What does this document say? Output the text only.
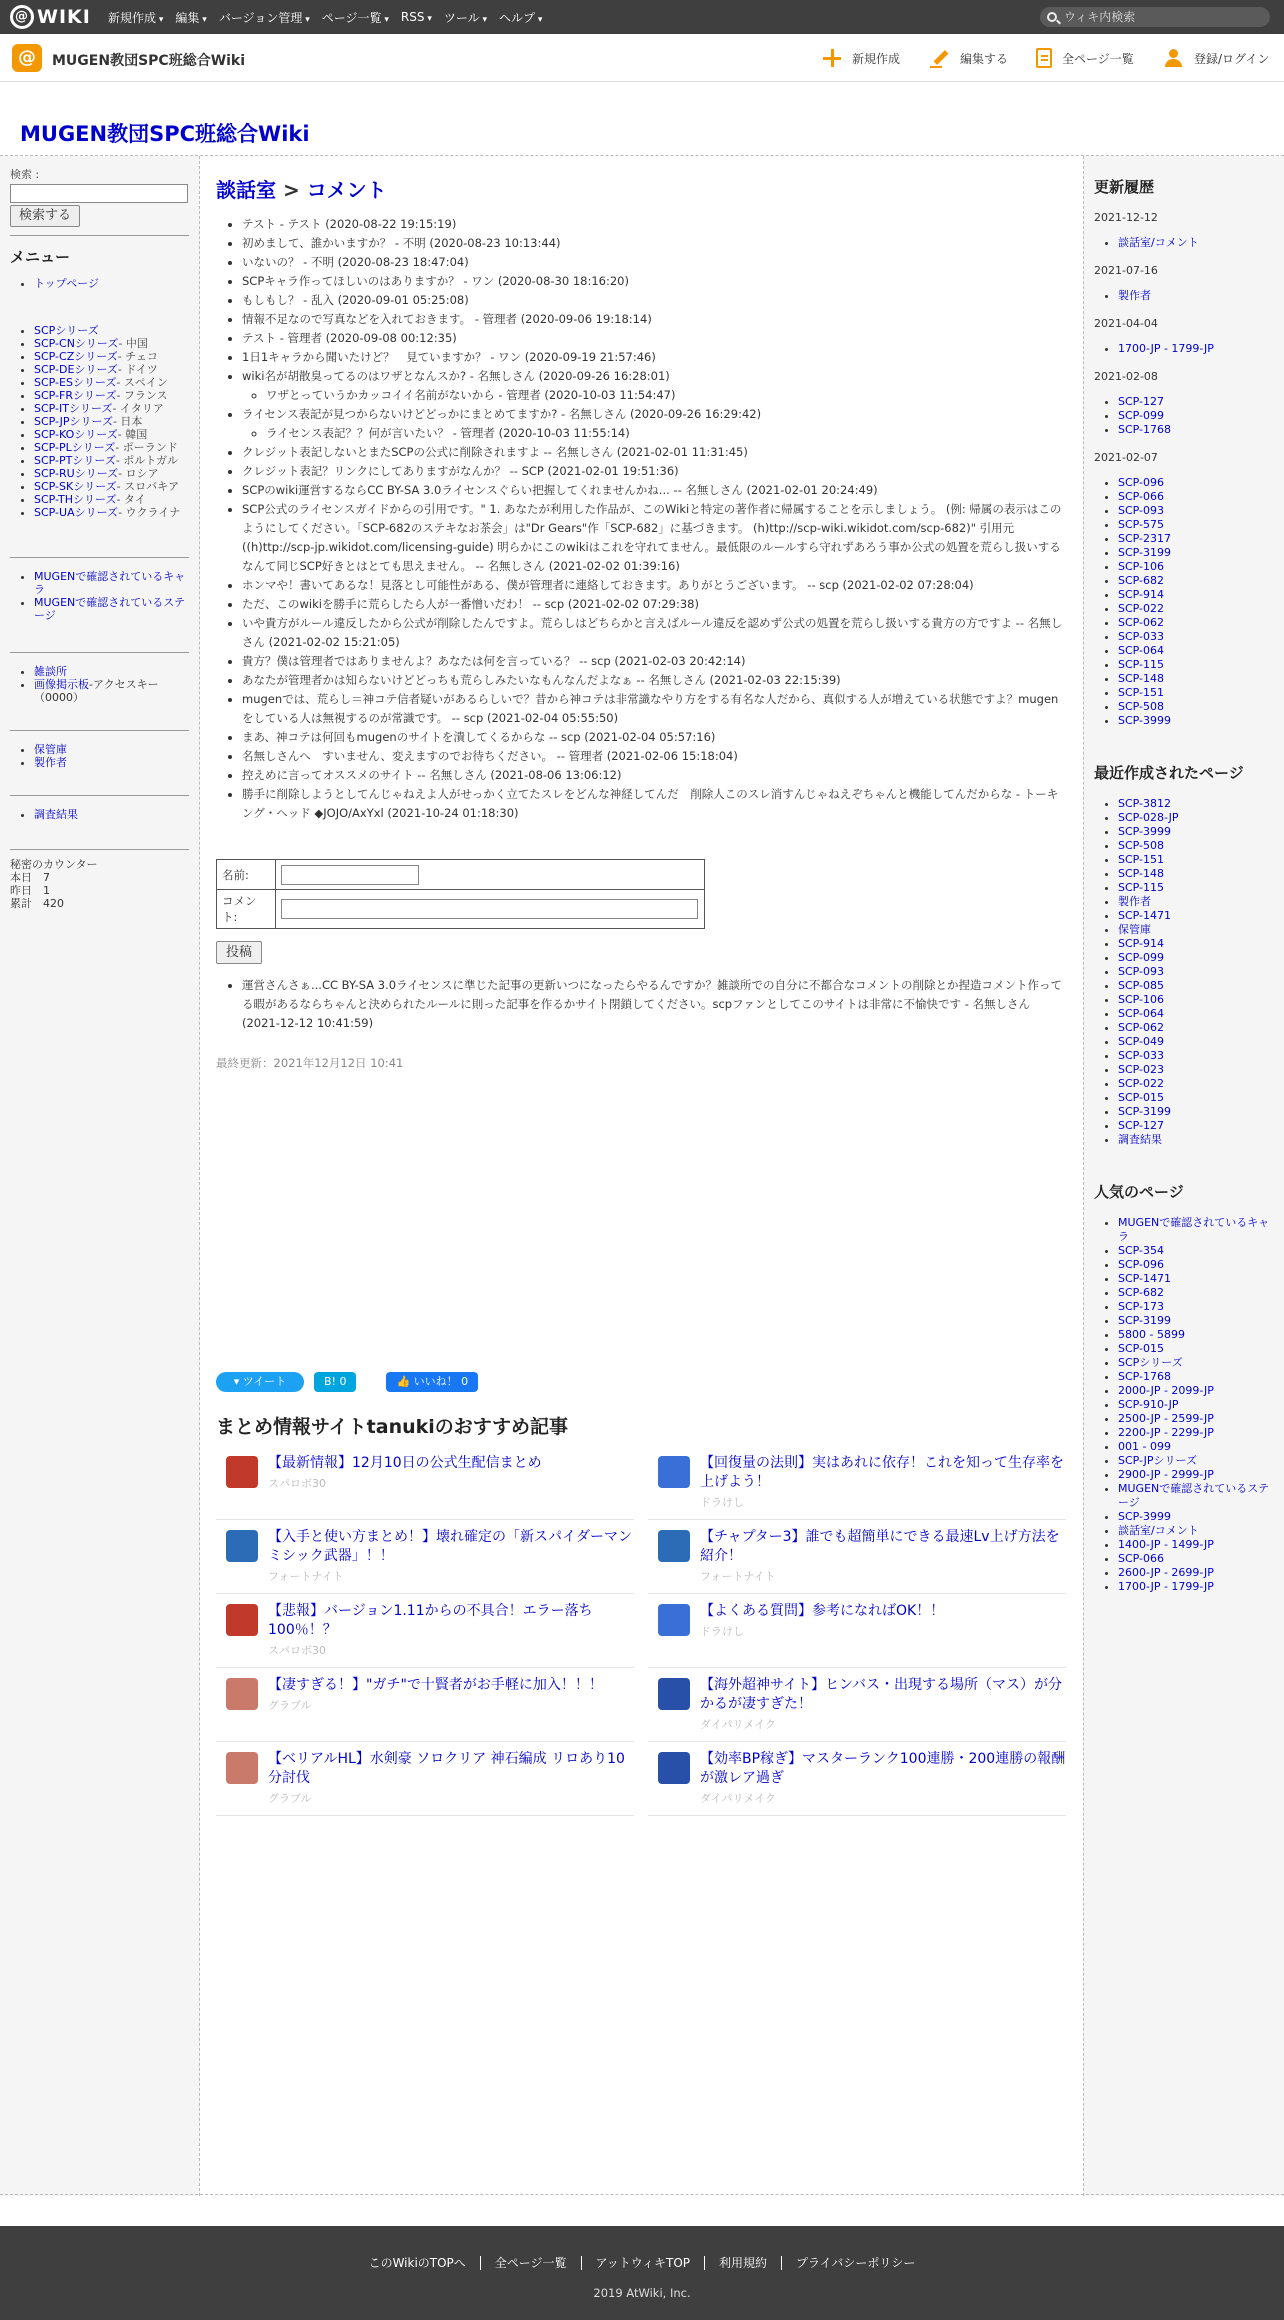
@ WIKI 新規作成 ▾	編集 ▾	バージョン管理 ▾	ページ一覧 ▾	RSS ▾	ツール ▾	ヘルプ ▾	ウィキ内検索
@	MUGEN教団SPC班総合Wiki	新規作成	編集する	全ページ一覧	登録/ログイン
MUGEN教団SPC班総合Wiki
検索 :
検索する
メニュー
• トップページ
• SCPシリーズ
• SCP-CNシリーズ- 中国
• SCP-CZシリーズ- チェコ
• SCP-DEシリーズ- ドイツ
• SCP-ESシリーズ- スペイン
• SCP-FRシリーズ- フランス
• SCP-ITシリーズ- イタリア
• SCP-JPシリーズ- 日本
• SCP-KOシリーズ- 韓国
• SCP-PLシリーズ- ポーランド
• SCP-PTシリーズ- ポルトガル
• SCP-RUシリーズ- ロシア
• SCP-SKシリーズ- スロバキア
• SCP-THシリーズ- タイ
• SCP-UAシリーズ- ウクライナ
• MUGENで確認されているキャラ
• MUGENで確認されているステージ
• 雑談所
• 画像掲示板-アクセスキー（0000）
• 保管庫
• 製作者
• 調査結果
秘密のカウンター
本日　7
昨日　1
累計　420
談話室 > コメント
• テスト - テスト (2020-08-22 19:15:19)
• 初めまして、誰かいますか？ - 不明 (2020-08-23 10:13:44)
• いないの？ - 不明 (2020-08-23 18:47:04)
• SCPキャラ作ってほしいのはありますか？ - ワン (2020-08-30 18:16:20)
• もしもし？ - 乱入 (2020-09-01 05:25:08)
• 情報不足なので写真などを入れておきます。 - 管理者 (2020-09-06 19:18:14)
• テスト - 管理者 (2020-09-08 00:12:35)
• 1日1キャラから聞いたけど？　見ていますか？ - ワン (2020-09-19 21:57:46)
• wiki名が胡散臭ってるのはワザとなんスか? - 名無しさん (2020-09-26 16:28:01)
◦ ワザとっていうかカッコイイ名前がないから - 管理者 (2020-10-03 11:54:47)
• ライセンス表記が見つからないけどどっかにまとめてますか? - 名無しさん (2020-09-26 16:29:42)
◦ ライセンス表記？？何が言いたい？ - 管理者 (2020-10-03 11:55:14)
• クレジット表記しないとまたSCPの公式に削除されますよ -- 名無しさん (2021-02-01 11:31:45)
• クレジット表記？リンクにしてありますがなんか？ -- SCP (2021-02-01 19:51:36)
• SCPのwiki運営するならCC BY-SA 3.0ライセンスぐらい把握してくれませんかね... -- 名無しさん (2021-02-01 20:24:49)
• SCP公式のライセンスガイドからの引用です。" 1. あなたが利用した作品が、このWikiと特定の著作者に帰属することを示しましょう。 (例: 帰属の表示はこのようにしてください。「SCP-682のステキなお茶会」は"Dr Gears"作「SCP-682」に基づきます。 (h)ttp://scp-wiki.wikidot.com/scp-682)" 引用元((h)ttp://scp-jp.wikidot.com/licensing-guide) 明らかにこのwikiはこれを守れてません。最低限のルールすら守れずあろう事か公式の処置を荒らし扱いするなんて同じSCP好きとはとても思えません。 -- 名無しさん (2021-02-02 01:39:16)
• ホンマや！書いてあるな！見落とし可能性がある、僕が管理者に連絡しておきます。ありがとうございます。 -- scp (2021-02-02 07:28:04)
• ただ、このwikiを勝手に荒らしたら人が一番憎いだわ！ -- scp (2021-02-02 07:29:38)
• いや貴方がルール違反したから公式が削除したんですよ。荒らしはどちらかと言えばルール違反を認めず公式の処置を荒らし扱いする貴方の方ですよ -- 名無しさん (2021-02-02 15:21:05)
• 貴方？僕は管理者ではありませんよ？あなたは何を言っている？ -- scp (2021-02-03 20:42:14)
• あなたが管理者かは知らないけどどっちも荒らしみたいなもんなんだよなぁ -- 名無しさん (2021-02-03 22:15:39)
• mugenでは、荒らし＝神コテ信者疑いがあるらしいで？昔から神コテは非常識なやり方をする有名な人だから、真似する人が増えている状態ですよ？mugenをしている人は無視するのが常識です。 -- scp (2021-02-04 05:55:50)
• まあ、神コテは何回もmugenのサイトを潰してくるからな -- scp (2021-02-04 05:57:16)
• 名無しさんへ　すいません、変えますのでお待ちください。 -- 管理者 (2021-02-06 15:18:04)
• 控えめに言ってオススメのサイト -- 名無しさん (2021-08-06 13:06:12)
• 勝手に削除しようとしてんじゃねえよ人がせっかく立てたスレをどんな神経してんだ　削除人このスレ消すんじゃねえぞちゃんと機能してんだからな - トーキング・ヘッド ◆JOJO/AxYxl (2021-10-24 01:18:30)
名前:	
コメント:	
投稿
• 運営さんさぁ...CC BY-SA 3.0ライセンスに準じた記事の更新いつになったらやるんですか？雑談所での自分に不都合なコメントの削除とか捏造コメント作ってる暇があるならちゃんと決められたルールに則った記事を作るかサイト閉鎖してください。scpファンとしてこのサイトは非常に不愉快です - 名無しさん (2021-12-12 10:41:59)
最終更新：2021年12月12日 10:41
▾ ツイート	B! 0	👍 いいね！ 0
まとめ情報サイトtanukiのおすすめ記事
【最新情報】12月10日の公式生配信まとめ
スパロボ30
【回復量の法則】実はあれに依存！これを知って生存率を上げよう！
ドラけし
【入手と使い方まとめ！】壊れ確定の「新スパイダーマン ミシック武器」！！
フォートナイト
【チャプター3】誰でも超簡単にできる最速Lv上げ方法を紹介！
フォートナイト
【悲報】バージョン1.11からの不具合！エラー落ち100％！？
スパロボ30
【よくある質問】参考になればOK！！
ドラけし
【凄すぎる！】"ガチ"で十賢者がお手軽に加入！！！
グラブル
【海外超神サイト】ヒンバス・出現する場所（マス）が分かるが凄すぎた！
ダイパリメイク
【ベリアルHL】水剣豪 ソロクリア 神石編成 リロあり10分討伐
グラブル
【効率BP稼ぎ】マスターランク100連勝・200連勝の報酬が激レア過ぎ
ダイパリメイク
更新履歴
2021-12-12
• 談話室/コメント
2021-07-16
• 製作者
2021-04-04
• 1700-JP - 1799-JP
2021-02-08
• SCP-127
• SCP-099
• SCP-1768
2021-02-07
• SCP-096
• SCP-066
• SCP-093
• SCP-575
• SCP-2317
• SCP-3199
• SCP-106
• SCP-682
• SCP-914
• SCP-022
• SCP-062
• SCP-033
• SCP-064
• SCP-115
• SCP-148
• SCP-151
• SCP-508
• SCP-3999
最近作成されたページ
• SCP-3812
• SCP-028-JP
• SCP-3999
• SCP-508
• SCP-151
• SCP-148
• SCP-115
• 製作者
• SCP-1471
• 保管庫
• SCP-914
• SCP-099
• SCP-093
• SCP-085
• SCP-106
• SCP-064
• SCP-062
• SCP-049
• SCP-033
• SCP-023
• SCP-022
• SCP-015
• SCP-3199
• SCP-127
• 調査結果
人気のページ
• MUGENで確認されているキャラ
• SCP-354
• SCP-096
• SCP-1471
• SCP-682
• SCP-173
• SCP-3199
• 5800 - 5899
• SCP-015
• SCPシリーズ
• SCP-1768
• 2000-JP - 2099-JP
• SCP-910-JP
• 2500-JP - 2599-JP
• 2200-JP - 2299-JP
• 001 - 099
• SCP-JPシリーズ
• 2900-JP - 2999-JP
• MUGENで確認されているステージ
• SCP-3999
• 談話室/コメント
• 1400-JP - 1499-JP
• SCP-066
• 2600-JP - 2699-JP
• 1700-JP - 1799-JP
このWikiのTOPへ 全ページ一覧 アットウィキTOP 利用規約 プライバシーポリシー
2019 AtWiki, Inc.
